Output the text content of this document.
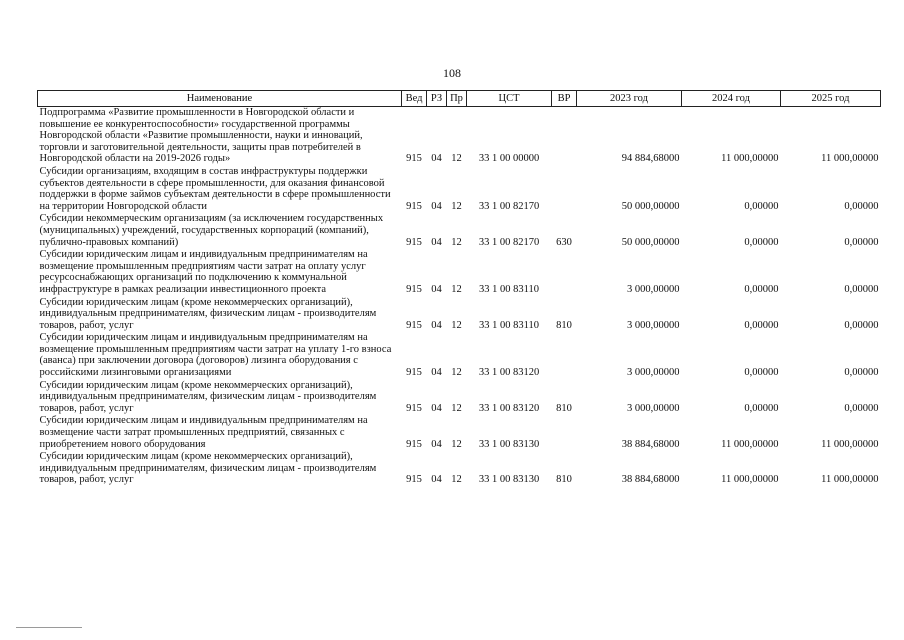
108
Наименование	Вед	РЗ	Пр	ЦСТ	ВР	2023 год	2024 год	2025 год
Подпрограмма «Развитие промышленности в Новгородской области и повышение ее конкурентоспособности» государственной программы Новгородской области «Развитие промышленности, науки и инноваций, торговли и заготовительной деятельности, защиты прав потребителей в Новгородской области на 2019-2026 годы»	915	04	12	33 1 00 00000		94 884,68000	11 000,00000	11 000,00000
Субсидии организациям, входящим в состав инфраструктуры поддержки субъектов деятельности в сфере промышленности, для оказания финансовой поддержки в форме займов субъектам деятельности в сфере промышленности на территории Новгородской области	915	04	12	33 1 00 82170		50 000,00000	0,00000	0,00000
Субсидии некоммерческим организациям (за исключением государственных (муниципальных) учреждений, государственных корпораций (компаний), публично-правовых компаний)	915	04	12	33 1 00 82170	630	50 000,00000	0,00000	0,00000
Субсидии юридическим лицам и индивидуальным предпринимателям на возмещение промышленным предприятиям части затрат на оплату услуг ресурсоснабжающих организаций по подключению к коммунальной инфраструктуре в рамках реализации инвестиционного проекта	915	04	12	33 1 00 83110		3 000,00000	0,00000	0,00000
Субсидии юридическим лицам (кроме некоммерческих организаций), индивидуальным предпринимателям, физическим лицам - производителям товаров, работ, услуг	915	04	12	33 1 00 83110	810	3 000,00000	0,00000	0,00000
Субсидии юридическим лицам и индивидуальным предпринимателям на возмещение промышленным предприятиям части затрат на уплату 1-го взноса (аванса) при заключении договора (договоров) лизинга оборудования с российскими лизинговыми организациями	915	04	12	33 1 00 83120		3 000,00000	0,00000	0,00000
Субсидии юридическим лицам (кроме некоммерческих организаций), индивидуальным предпринимателям, физическим лицам - производителям товаров, работ, услуг	915	04	12	33 1 00 83120	810	3 000,00000	0,00000	0,00000
Субсидии юридическим лицам и индивидуальным предпринимателям на возмещение части затрат промышленных предприятий, связанных с приобретением нового оборудования	915	04	12	33 1 00 83130		38 884,68000	11 000,00000	11 000,00000
Субсидии юридическим лицам (кроме некоммерческих организаций), индивидуальным предпринимателям, физическим лицам - производителям товаров, работ, услуг	915	04	12	33 1 00 83130	810	38 884,68000	11 000,00000	11 000,00000
